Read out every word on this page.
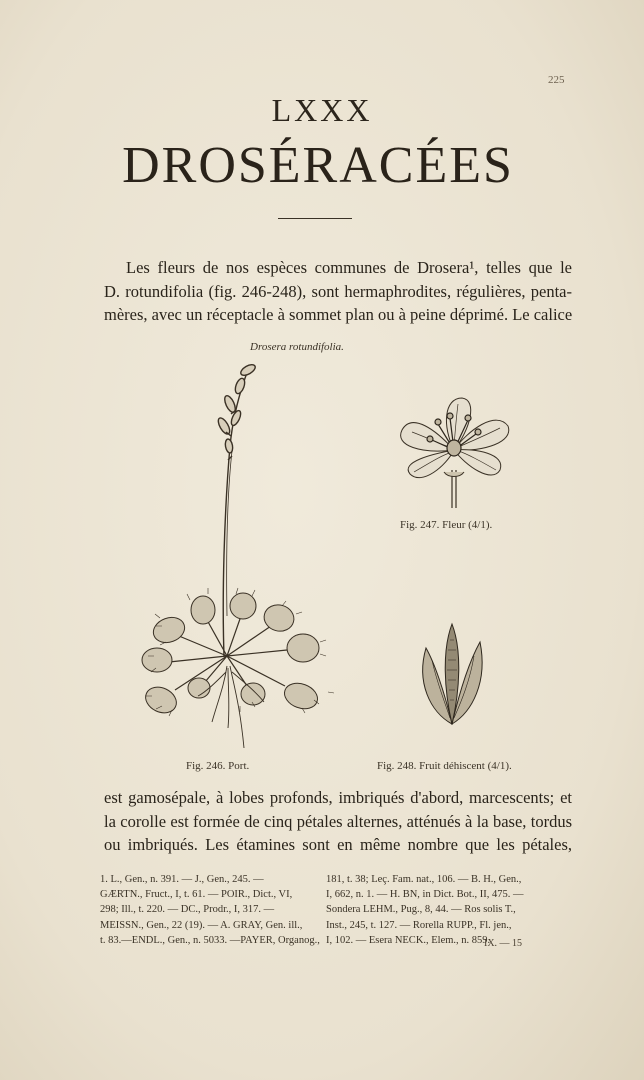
225
LXXX
DROSÉRACÉES
Les fleurs de nos espèces communes de Drosera¹, telles que le
D. rotundifolia (fig. 246-248), sont hermaphrodites, régulières, penta-
mères, avec un réceptacle à sommet plan ou à peine déprimé. Le calice
Drosera rotundifolia.
Fig. 247. Fleur (4/1).
Fig. 246. Port.	Fig. 248. Fruit déhiscent (4/1).
est gamosépale, à lobes profonds, imbriqués d'abord, marcescents; et
la corolle est formée de cinq pétales alternes, atténués à la base, tordus
ou imbriqués. Les étamines sont en même nombre que les pétales,
1. L., Gen., n. 391. — J., Gen., 245. —
GÆRTN., Fruct., I, t. 61. — POIR., Dict., VI,
298; Ill., t. 220. — DC., Prodr., I, 317. —
MEISSN., Gen., 22 (19). — A. GRAY, Gen. ill.,
t. 83.—ENDL., Gen., n. 5033. —PAYER, Organog.,
181, t. 38; Leç. Fam. nat., 106. — B. H., Gen.,
I, 662, n. 1. — H. BN, in Dict. Bot., II, 475. —
Sondera LEHM., Pug., 8, 44. — Ros solis T.,
Inst., 245, t. 127. — Rorella RUPP., Fl. jen.,
I, 102. — Esera NECK., Elem., n. 859.
IX. — 15
